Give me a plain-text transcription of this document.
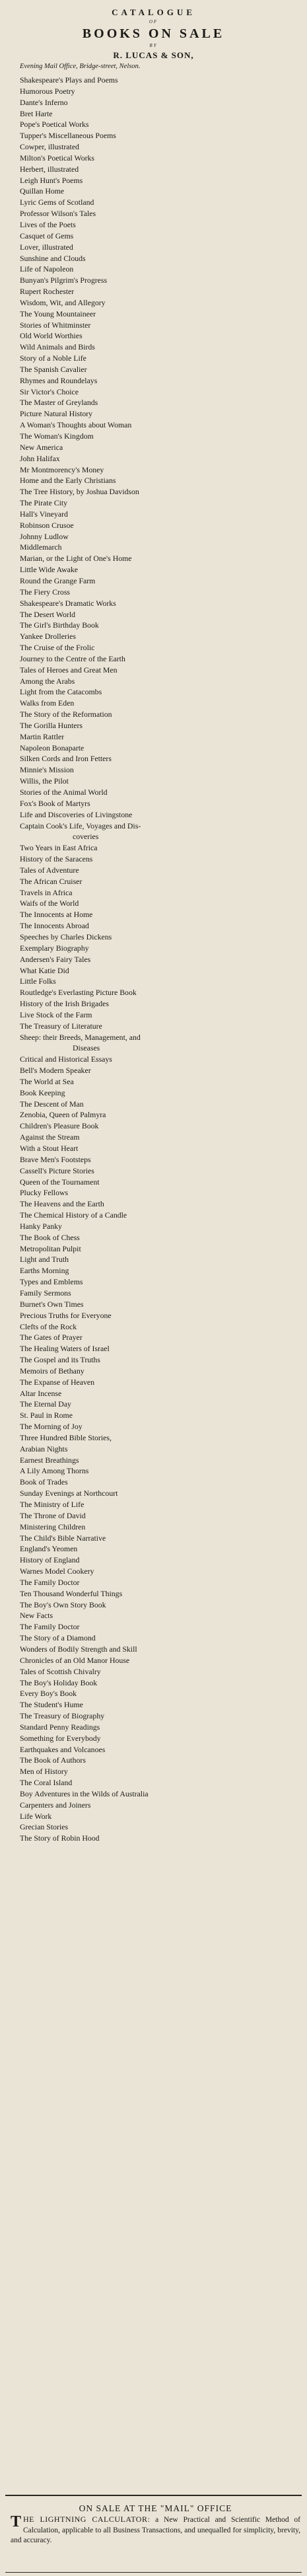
CATALOGUE
OF
BOOKS ON SALE
BY
R. LUCAS & SON,
Evening Mail Office, Bridge-street, Nelson.
Shakespeare's Plays and Poems
Humorous Poetry
Dante's Inferno
Bret Harte
Pope's Poetical Works
Tupper's Miscellaneous Poems
Cowper, illustrated
Milton's Poetical Works
Herbert, illustrated
Leigh Hunt's Poems
Quillan Home
Lyric Gems of Scotland
Professor Wilson's Tales
Lives of the Poets
Casquet of Gems
Lover, illustrated
Sunshine and Clouds
Life of Napoleon
Bunyan's Pilgrim's Progress
Rupert Rochester
Wisdom, Wit, and Allegory
The Young Mountaineer
Stories of Whitminster
Old World Worthies
Wild Animals and Birds
Story of a Noble Life
The Spanish Cavalier
Rhymes and Roundelays
Sir Victor's Choice
The Master of Greylands
Picture Natural History
A Woman's Thoughts about Woman
The Woman's Kingdom
New America
John Halifax
Mr Montmorency's Money
Home and the Early Christians
The Tree History, by Joshua Davidson
The Pirate City
Hall's Vineyard
Robinson Crusoe
Johnny Ludlow
Middlemarch
Marian, or the Light of One's Home
Little Wide Awake
Round the Grange Farm
The Fiery Cross
Shakespeare's Dramatic Works
The Desert World
The Girl's Birthday Book
Yankee Drolleries
The Cruise of the Frolic
Journey to the Centre of the Earth
Tales of Heroes and Great Men
Among the Arabs
Light from the Catacombs
Walks from Eden
The Story of the Reformation
The Gorilla Hunters
Martin Rattler
Napoleon Bonaparte
Silken Cords and Iron Fetters
Minnie's Mission
Willis, the Pilot
Stories of the Animal World
Fox's Book of Martyrs
Life and Discoveries of Livingstone
Captain Cook's Life, Voyages and Dis-
coveries
Two Years in East Africa
History of the Saracens
Tales of Adventure
The African Cruiser
Travels in Africa
Waifs of the World
The Innocents at Home
The Innocents Abroad
Speeches by Charles Dickens
Exemplary Biography
Andersen's Fairy Tales
What Katie Did
Little Folks
Routledge's Everlasting Picture Book
History of the Irish Brigades
Live Stock of the Farm
The Treasury of Literature
Sheep: their Breeds, Management, and
Diseases
Critical and Historical Essays
Bell's Modern Speaker
The World at Sea
Book Keeping
The Descent of Man
Zenobia, Queen of Palmyra
Children's Pleasure Book
Against the Stream
With a Stout Heart
Brave Men's Footsteps
Cassell's Picture Stories
Queen of the Tournament
Plucky Fellows
The Heavens and the Earth
The Chemical History of a Candle
Hanky Panky
The Book of Chess
Metropolitan Pulpit
Light and Truth
Earths Morning
Types and Emblems
Family Sermons
Burnet's Own Times
Precious Truths for Everyone
Clefts of the Rock
The Gates of Prayer
The Healing Waters of Israel
The Gospel and its Truths
Memoirs of Bethany
The Expanse of Heaven
Altar Incense
The Eternal Day
St. Paul in Rome
The Morning of Joy
Three Hundred Bible Stories,
Arabian Nights
Earnest Breathings
A Lily Among Thorns
Book of Trades
Sunday Evenings at Northcourt
The Ministry of Life
The Throne of David
Ministering Children
The Child's Bible Narrative
England's Yeomen
History of England
Warnes Model Cookery
The Family Doctor
Ten Thousand Wonderful Things
The Boy's Own Story Book
New Facts
The Family Doctor
The Story of a Diamond
Wonders of Bodily Strength and Skill
Chronicles of an Old Manor House
Tales of Scottish Chivalry
The Boy's Holiday Book
Every Boy's Book
The Student's Hume
The Treasury of Biography
Standard Penny Readings
Something for Everybody
Earthquakes and Volcanoes
The Book of Authors
Men of History
The Coral Island
Boy Adventures in the Wilds of Australia
Carpenters and Joiners
Life Work
Grecian Stories
The Story of Robin Hood
ON SALE AT THE "MAIL" OFFICE
THE LIGHTNING CALCULATOR: a New Practical and Scientific Method of Calculation, applicable to all Business Transactions, and unequalled for simplicity, brevity, and accuracy.
